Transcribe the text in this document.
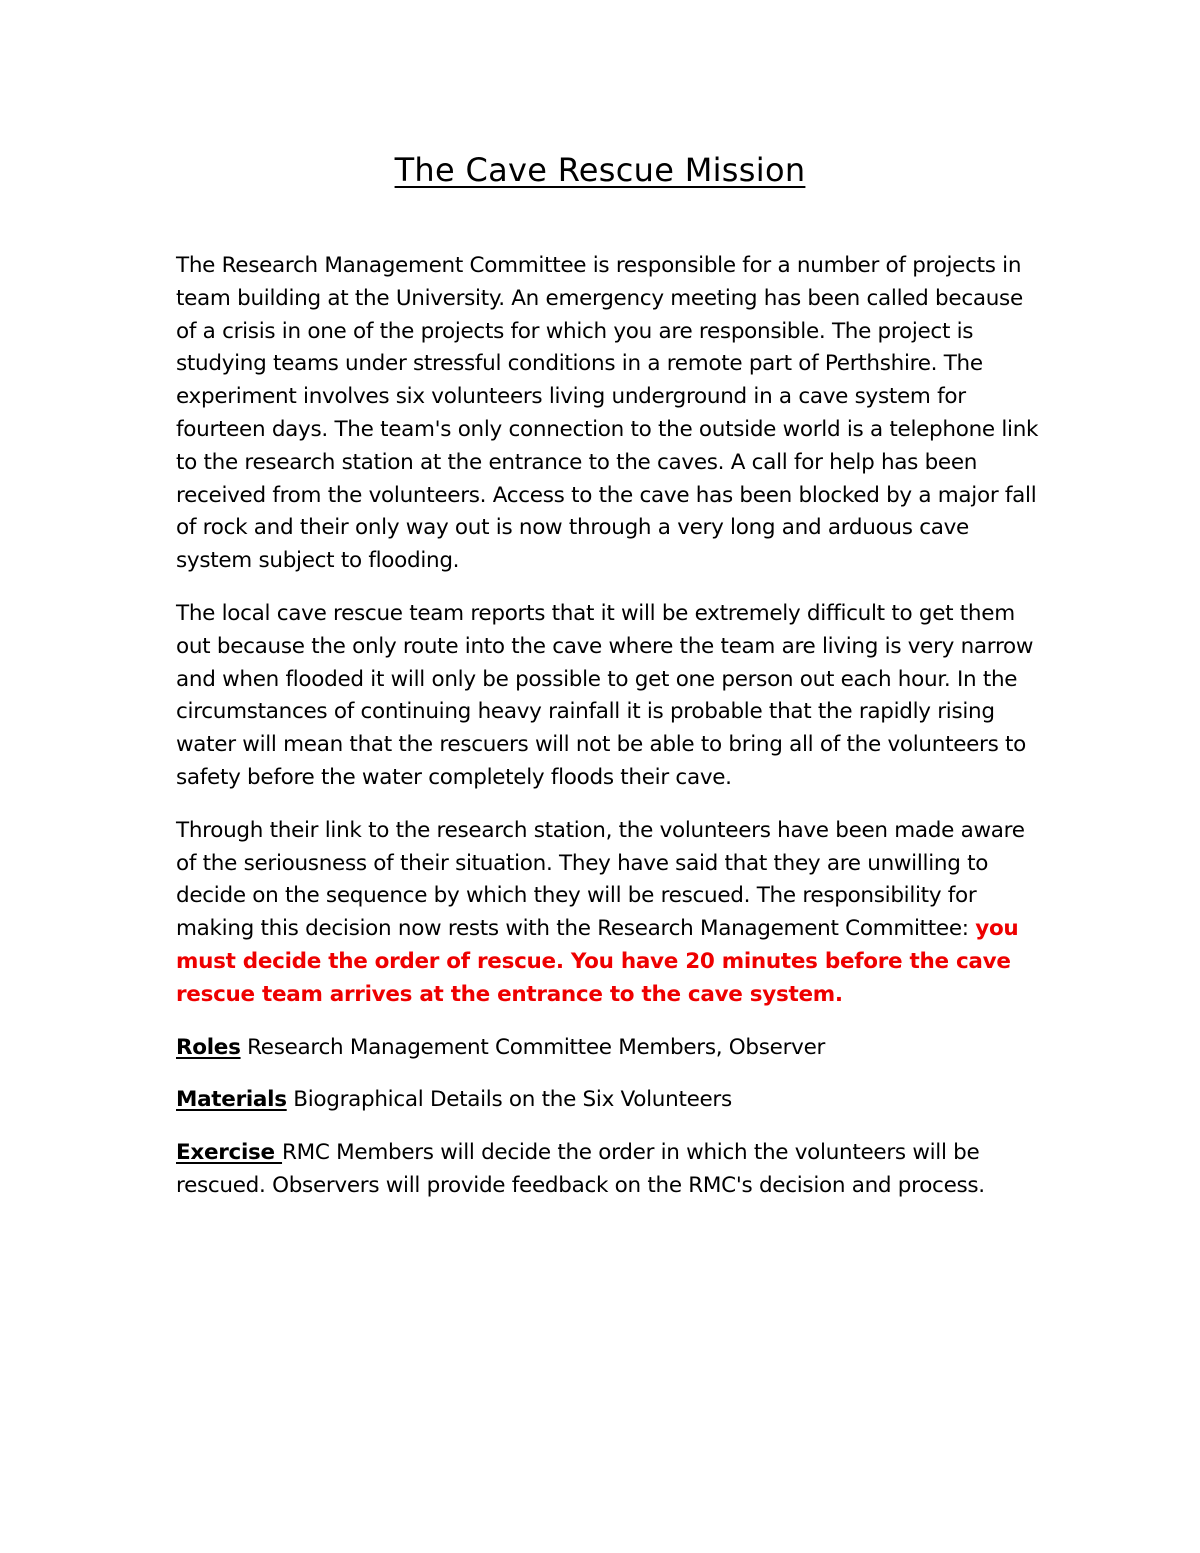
The Cave Rescue Mission

The Research Management Committee is responsible for a number of projects in team building at the University. An emergency meeting has been called because of a crisis in one of the projects for which you are responsible. The project is studying teams under stressful conditions in a remote part of Perthshire. The experiment involves six volunteers living underground in a cave system for fourteen days. The team's only connection to the outside world is a telephone link to the research station at the entrance to the caves. A call for help has been received from the volunteers. Access to the cave has been blocked by a major fall of rock and their only way out is now through a very long and arduous cave system subject to flooding.

The local cave rescue team reports that it will be extremely difficult to get them out because the only route into the cave where the team are living is very narrow and when flooded it will only be possible to get one person out each hour. In the circumstances of continuing heavy rainfall it is probable that the rapidly rising water will mean that the rescuers will not be able to bring all of the volunteers to safety before the water completely floods their cave.

Through their link to the research station, the volunteers have been made aware of the seriousness of their situation. They have said that they are unwilling to decide on the sequence by which they will be rescued. The responsibility for making this decision now rests with the Research Management Committee: you must decide the order of rescue. You have 20 minutes before the cave rescue team arrives at the entrance to the cave system.

Roles Research Management Committee Members, Observer

Materials Biographical Details on the Six Volunteers

Exercise RMC Members will decide the order in which the volunteers will be rescued. Observers will provide feedback on the RMC's decision and process.
